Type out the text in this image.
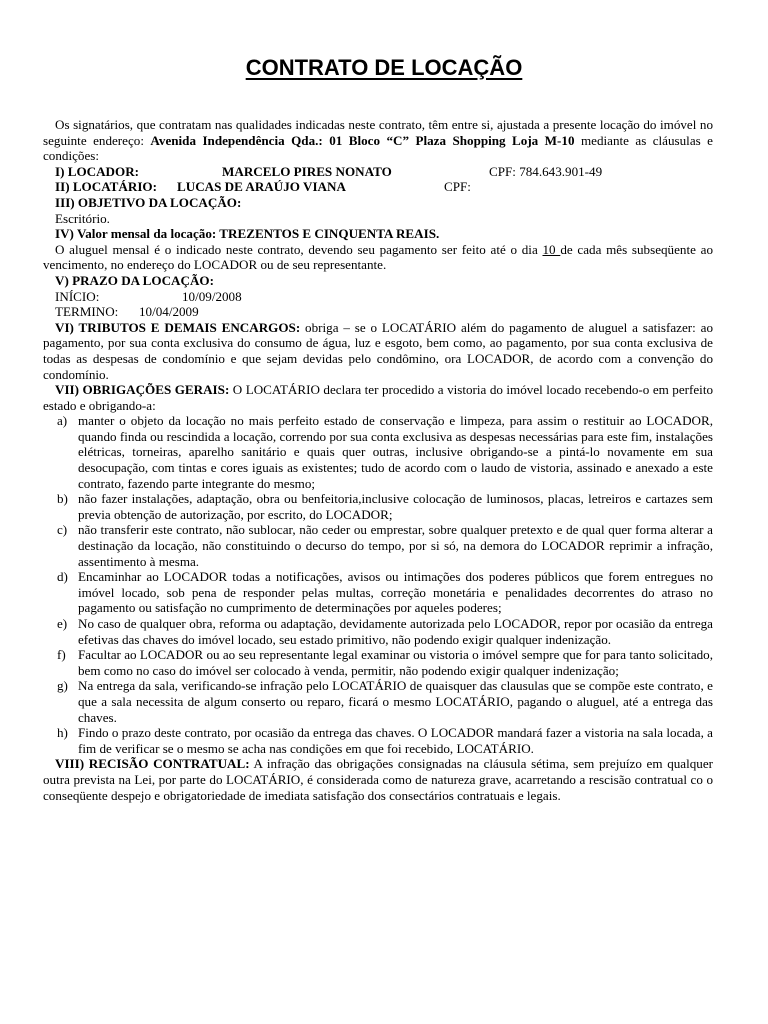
CONTRATO DE LOCAÇÃO

Os signatários, que contratam nas qualidades indicadas neste contrato, têm entre si, ajustada a presente locação do imóvel no seguinte endereço: Avenida Independência Qda.: 01 Bloco “C” Plaza Shopping Loja M-10 mediante as cláusulas e condições:

I) LOCADOR:	MARCELO PIRES NONATO	CPF: 784.643.901-49
II) LOCATÁRIO: LUCAS DE ARAÚJO VIANA	CPF:
III) OBJETIVO DA LOCAÇÃO:
Escritório.
IV) Valor mensal da locação: TREZENTOS E CINQUENTA REAIS.

O aluguel mensal é o indicado neste contrato, devendo seu pagamento ser feito até o dia 10 de cada mês subseqüente ao vencimento, no endereço do LOCADOR ou de seu representante.

V) PRAZO DA LOCAÇÃO:
INÍCIO:	10/09/2008
TERMINO: 10/04/2009

VI) TRIBUTOS E DEMAIS ENCARGOS: obriga – se o LOCATÁRIO além do pagamento de aluguel a satisfazer: ao pagamento, por sua conta exclusiva do consumo de água, luz e esgoto, bem como, ao pagamento, por sua conta exclusiva de todas as despesas de condomínio e que sejam devidas pelo condômino, ora LOCADOR, de acordo com a convenção do condomínio.

VII) OBRIGAÇÕES GERAIS: O LOCATÁRIO declara ter procedido a vistoria do imóvel locado recebendo-o em perfeito estado e obrigando-a:

a) manter o objeto da locação no mais perfeito estado de conservação e limpeza, para assim o restituir ao LOCADOR, quando finda ou rescindida a locação, correndo por sua conta exclusiva as despesas necessárias para este fim, instalações elétricas, torneiras, aparelho sanitário e quais quer outras, inclusive obrigando-se a pintá-lo novamente em sua desocupação, com tintas e cores iguais as existentes; tudo de acordo com o laudo de vistoria, assinado e anexado a este contrato, fazendo parte integrante do mesmo;
b) não fazer instalações, adaptação, obra ou benfeitoria,inclusive colocação de luminosos, placas, letreiros e cartazes sem previa obtenção de autorização, por escrito, do LOCADOR;
c) não transferir este contrato, não sublocar, não ceder ou emprestar, sobre qualquer pretexto e de qual quer forma alterar a destinação da locação, não constituindo o decurso do tempo, por si só, na demora do LOCADOR reprimir a infração, assentimento à mesma.
d) Encaminhar ao LOCADOR todas a notificações, avisos ou intimações dos poderes públicos que forem entregues no imóvel locado, sob pena de responder pelas multas, correção monetária e penalidades decorrentes do atraso no pagamento ou satisfação no cumprimento de determinações por aqueles poderes;
e) No caso de qualquer obra, reforma ou adaptação, devidamente autorizada pelo LOCADOR, repor por ocasião da entrega efetivas das chaves do imóvel locado, seu estado primitivo, não podendo exigir qualquer indenização.
f) Facultar ao LOCADOR ou ao seu representante legal examinar ou vistoria o imóvel sempre que for para tanto solicitado, bem como no caso do imóvel ser colocado à venda, permitir, não podendo exigir qualquer indenização;
g) Na entrega da sala, verificando-se infração pelo LOCATÁRIO de quaisquer das clausulas que se compõe este contrato, e que a sala necessita de algum conserto ou reparo, ficará o mesmo LOCATÁRIO, pagando o aluguel, até a entrega das chaves.
h) Findo o prazo deste contrato, por ocasião da entrega das chaves. O LOCADOR mandará fazer a vistoria na sala locada, a fim de verificar se o mesmo se acha nas condições em que foi recebido, LOCATÁRIO.

VIII) RECISÃO CONTRATUAL: A infração das obrigações consignadas na cláusula sétima, sem prejuízo em qualquer outra prevista na Lei, por parte do LOCATÁRIO, é considerada como de natureza grave, acarretando a rescisão contratual co o conseqüente despejo e obrigatoriedade de imediata satisfação dos consectários contratuais e legais.
